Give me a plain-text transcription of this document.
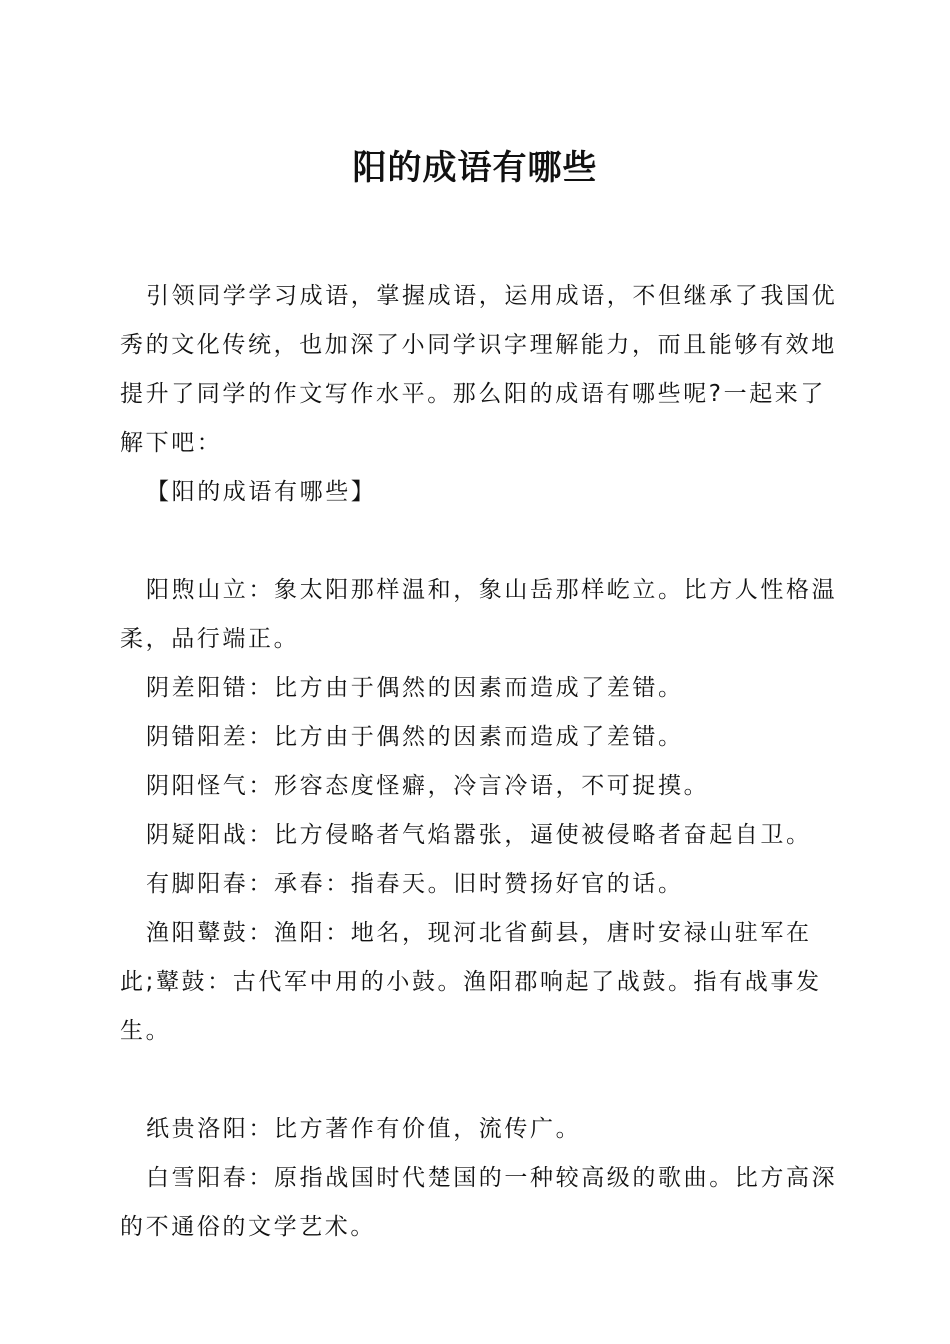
阳的成语有哪些

引领同学学习成语，掌握成语，运用成语，不但继承了我国优秀的文化传统，也加深了小同学识字理解能力，而且能够有效地提升了同学的作文写作水平。那么阳的成语有哪些呢?一起来了解下吧：

【阳的成语有哪些】

阳煦山立：象太阳那样温和，象山岳那样屹立。比方人性格温柔，品行端正。

阴差阳错：比方由于偶然的因素而造成了差错。

阴错阳差：比方由于偶然的因素而造成了差错。

阴阳怪气：形容态度怪癖，冷言冷语，不可捉摸。

阴疑阳战：比方侵略者气焰嚣张，逼使被侵略者奋起自卫。

有脚阳春：承春：指春天。旧时赞扬好官的话。

渔阳鼙鼓：渔阳：地名，现河北省蓟县，唐时安禄山驻军在此;鼙鼓：古代军中用的小鼓。渔阳郡响起了战鼓。指有战事发生。

纸贵洛阳：比方著作有价值，流传广。

白雪阳春：原指战国时代楚国的一种较高级的歌曲。比方高深的不通俗的文学艺术。
